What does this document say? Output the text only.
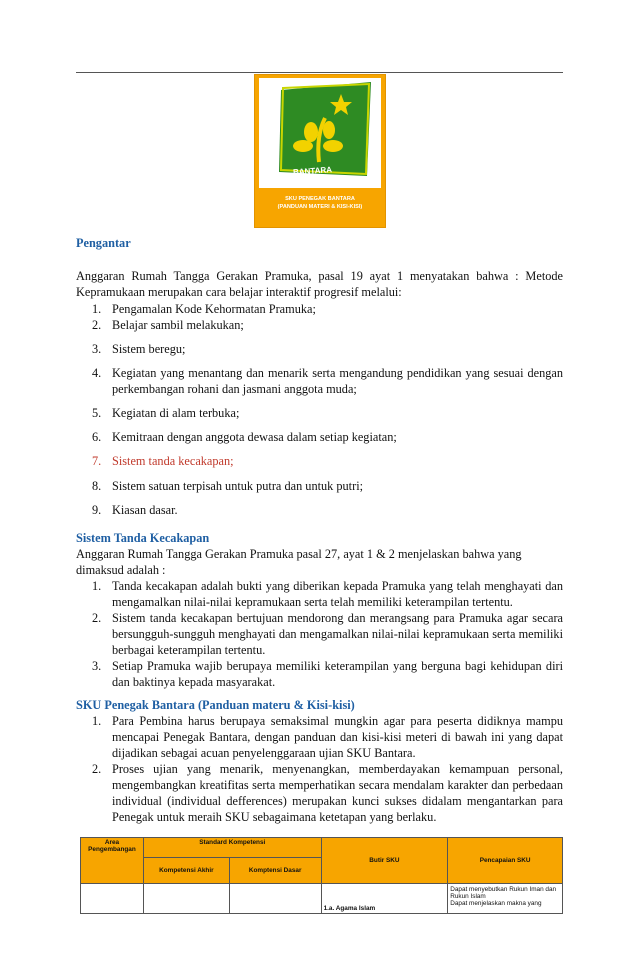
BANTARA
SKU PENEGAK BANTARA
(PANDUAN MATERI & KISI-KISI)
Pengantar
Anggaran Rumah Tangga Gerakan Pramuka, pasal 19 ayat 1 menyatakan bahwa : Metode Kepramukaan merupakan cara belajar interaktif progresif melalui:
1. Pengamalan Kode Kehormatan Pramuka;
2. Belajar sambil melakukan;
3. Sistem beregu;
4. Kegiatan yang menantang dan menarik serta mengandung pendidikan yang sesuai dengan perkembangan rohani dan jasmani anggota muda;
5. Kegiatan di alam terbuka;
6. Kemitraan dengan anggota dewasa dalam setiap kegiatan;
7. Sistem tanda kecakapan;
8. Sistem satuan terpisah untuk putra dan untuk putri;
9. Kiasan dasar.
Sistem Tanda Kecakapan
Anggaran Rumah Tangga Gerakan Pramuka pasal 27, ayat 1 & 2 menjelaskan bahwa yang dimaksud adalah :
1. Tanda kecakapan adalah bukti yang diberikan kepada Pramuka yang telah menghayati dan mengamalkan nilai-nilai kepramukaan serta telah memiliki keterampilan tertentu.
2. Sistem tanda kecakapan bertujuan mendorong dan merangsang para Pramuka agar secara bersungguh-sungguh menghayati dan mengamalkan nilai-nilai kepramukaan serta memiliki berbagai keterampilan tertentu.
3. Setiap Pramuka wajib berupaya memiliki keterampilan yang berguna bagi kehidupan diri dan baktinya kepada masyarakat.
SKU Penegak Bantara (Panduan materu & Kisi-kisi)
1. Para Pembina harus berupaya semaksimal mungkin agar para peserta didiknya mampu mencapai Penegak Bantara, dengan panduan dan kisi-kisi meteri di bawah ini yang dapat dijadikan sebagai acuan penyelenggaraan ujian SKU Bantara.
2. Proses ujian yang menarik, menyenangkan, memberdayakan kemampuan personal, mengembangkan kreatifitas serta memperhatikan secara mendalam karakter dan perbedaan individual (individual defferences) merupakan kunci sukses didalam mengantarkan para Penegak untuk meraih SKU sebagaimana ketetapan yang berlaku.
Area Pengembangan	Standard Kompetensi		Butir SKU	Pencapaian SKU
	Kompetensi Akhir	Komptensi Dasar		
			1.a. Agama Islam	Dapat menyebutkan Rukun Iman dan Rukun Islam
Dapat menjelaskan makna yang
